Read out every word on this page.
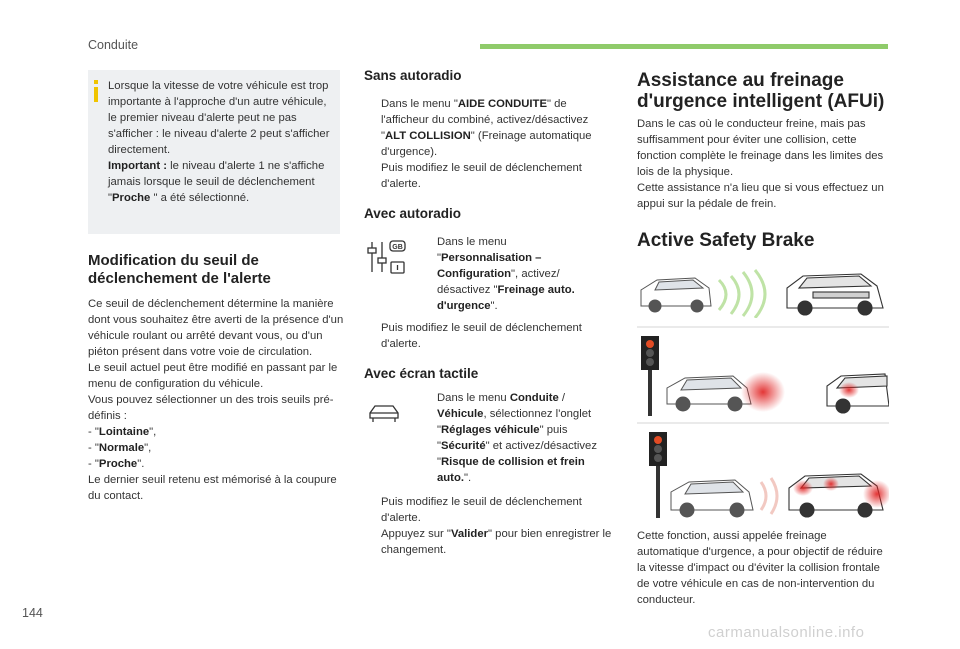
Conduite
Lorsque la vitesse de votre véhicule est trop importante à l'approche d'un autre véhicule, le premier niveau d'alerte peut ne pas s'afficher : le niveau d'alerte 2 peut s'afficher directement.
Important : le niveau d'alerte 1 ne s'affiche jamais lorsque le seuil de déclenchement "Proche " a été sélectionné.
Modification du seuil de déclenchement de l'alerte
Ce seuil de déclenchement détermine la manière dont vous souhaitez être averti de la présence d'un véhicule roulant ou arrêté devant vous, ou d'un piéton présent dans votre voie de circulation.
Le seuil actuel peut être modifié en passant par le menu de configuration du véhicule.
Vous pouvez sélectionner un des trois seuils pré-définis :
- "Lointaine",
- "Normale",
- "Proche".
Le dernier seuil retenu est mémorisé à la coupure du contact.
Sans autoradio
Dans le menu "AIDE CONDUITE" de l'afficheur du combiné, activez/désactivez "ALT COLLISION" (Freinage automatique d'urgence).
Puis modifiez le seuil de déclenchement d'alerte.
Avec autoradio
GB	Dans le menu "Personnalisation – Configuration", activez/ désactivez "Freinage auto. d'urgence".
Puis modifiez le seuil de déclenchement d'alerte.
Avec écran tactile
Dans le menu Conduite / Véhicule, sélectionnez l'onglet "Réglages véhicule" puis "Sécurité" et activez/désactivez "Risque de collision et frein auto.".
Puis modifiez le seuil de déclenchement d'alerte.
Appuyez sur "Valider" pour bien enregistrer le changement.
Assistance au freinage d'urgence intelligent (AFUi)
Dans le cas où le conducteur freine, mais pas suffisamment pour éviter une collision, cette fonction complète le freinage dans les limites des lois de la physique.
Cette assistance n'a lieu que si vous effectuez un appui sur la pédale de frein.
Active Safety Brake
Cette fonction, aussi appelée freinage automatique d'urgence, a pour objectif de réduire la vitesse d'impact ou d'éviter la collision frontale de votre véhicule en cas de non-intervention du conducteur.
144
carmanualsonline.info
